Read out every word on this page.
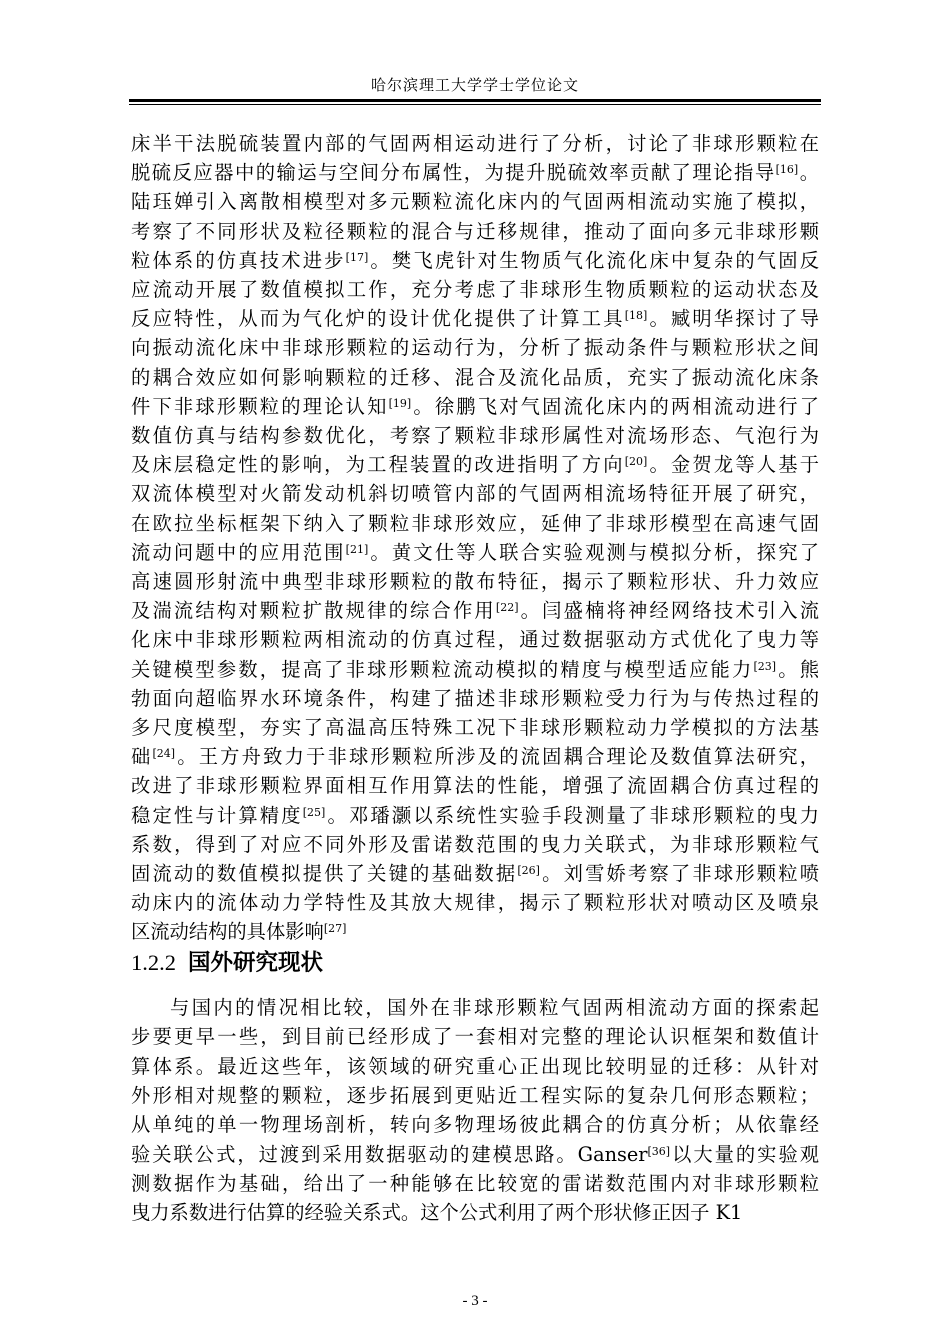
哈尔滨理工大学学士学位论文
床半干法脱硫装置内部的气固两相运动进行了分析，讨论了非球形颗粒在
脱硫反应器中的输运与空间分布属性，为提升脱硫效率贡献了理论指导[16]。
陆珏婵引入离散相模型对多元颗粒流化床内的气固两相流动实施了模拟，
考察了不同形状及粒径颗粒的混合与迁移规律，推动了面向多元非球形颗
粒体系的仿真技术进步[17]。樊飞虎针对生物质气化流化床中复杂的气固反
应流动开展了数值模拟工作，充分考虑了非球形生物质颗粒的运动状态及
反应特性，从而为气化炉的设计优化提供了计算工具[18]。臧明华探讨了导
向振动流化床中非球形颗粒的运动行为，分析了振动条件与颗粒形状之间
的耦合效应如何影响颗粒的迁移、混合及流化品质，充实了振动流化床条
件下非球形颗粒的理论认知[19]。徐鹏飞对气固流化床内的两相流动进行了
数值仿真与结构参数优化，考察了颗粒非球形属性对流场形态、气泡行为
及床层稳定性的影响，为工程装置的改进指明了方向[20]。金贺龙等人基于
双流体模型对火箭发动机斜切喷管内部的气固两相流场特征开展了研究，
在欧拉坐标框架下纳入了颗粒非球形效应，延伸了非球形模型在高速气固
流动问题中的应用范围[21]。黄文仕等人联合实验观测与模拟分析，探究了
高速圆形射流中典型非球形颗粒的散布特征，揭示了颗粒形状、升力效应
及湍流结构对颗粒扩散规律的综合作用[22]。闫盛楠将神经网络技术引入流
化床中非球形颗粒两相流动的仿真过程，通过数据驱动方式优化了曳力等
关键模型参数，提高了非球形颗粒流动模拟的精度与模型适应能力[23]。熊
勃面向超临界水环境条件，构建了描述非球形颗粒受力行为与传热过程的
多尺度模型，夯实了高温高压特殊工况下非球形颗粒动力学模拟的方法基
础[24]。王方舟致力于非球形颗粒所涉及的流固耦合理论及数值算法研究，
改进了非球形颗粒界面相互作用算法的性能，增强了流固耦合仿真过程的
稳定性与计算精度[25]。邓璠灏以系统性实验手段测量了非球形颗粒的曳力
系数，得到了对应不同外形及雷诺数范围的曳力关联式，为非球形颗粒气
固流动的数值模拟提供了关键的基础数据[26]。刘雪娇考察了非球形颗粒喷
动床内的流体动力学特性及其放大规律，揭示了颗粒形状对喷动区及喷泉
区流动结构的具体影响[27]
1.2.2 国外研究现状
与国内的情况相比较，国外在非球形颗粒气固两相流动方面的探索起
步要更早一些，到目前已经形成了一套相对完整的理论认识框架和数值计
算体系。最近这些年，该领域的研究重心正出现比较明显的迁移：从针对
外形相对规整的颗粒，逐步拓展到更贴近工程实际的复杂几何形态颗粒；
从单纯的单一物理场剖析，转向多物理场彼此耦合的仿真分析；从依靠经
验关联公式，过渡到采用数据驱动的建模思路。Ganser[36]以大量的实验观
测数据作为基础，给出了一种能够在比较宽的雷诺数范围内对非球形颗粒
曳力系数进行估算的经验关系式。这个公式利用了两个形状修正因子 K1
- 3 -
